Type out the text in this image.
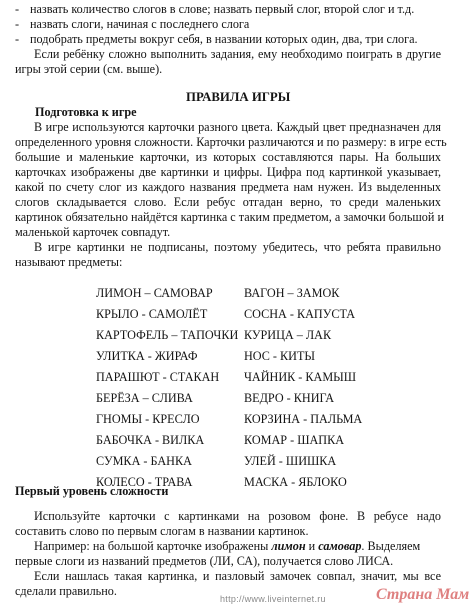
- назвать количество слогов в слове; назвать первый слог, второй слог и т.д.
- назвать слоги, начиная с последнего слога
- подобрать предметы вокруг себя, в названии которых один, два, три слога.
Если ребёнку сложно выполнить задания, ему необходимо поиграть в другие
игры этой серии (см. выше).
ПРАВИЛА ИГРЫ
Подготовка к игре
В игре используются карточки разного цвета. Каждый цвет предназначен для
определенного уровня сложности. Карточки различаются и по размеру: в игре есть
большие и маленькие карточки, из которых составляются пары. На больших
карточках изображены две картинки и цифры. Цифра под картинкой указывает,
какой по счету слог из каждого названия предмета нам нужен. Из выделенных
слогов складывается слово. Если ребус отгадан верно, то среди маленьких
картинок обязательно найдётся картинка с таким предметом, а замочки большой и
маленькой карточек совпадут.
В игре картинки не подписаны, поэтому убедитесь, что ребята правильно
называют предметы:
ЛИМОН – САМОВАР
КРЫЛО - САМОЛЁТ
КАРТОФЕЛЬ – ТАПОЧКИ
УЛИТКА - ЖИРАФ
ПАРАШЮТ - СТАКАН
БЕРЁЗА – СЛИВА
ГНОМЫ - КРЕСЛО
БАБОЧКА - ВИЛКА
СУМКА - БАНКА
КОЛЕСО - ТРАВА
ВАГОН – ЗАМОК
СОСНА - КАПУСТА
КУРИЦА – ЛАК
НОС - КИТЫ
ЧАЙНИК - КАМЫШ
ВЕДРО - КНИГА
КОРЗИНА - ПАЛЬМА
КОМАР - ШАПКА
УЛЕЙ - ШИШКА
МАСКА - ЯБЛОКО
Первый уровень сложности
Используйте карточки с картинками на розовом фоне. В ребусе надо
составить слово по первым слогам в названии картинок.
Например: на большой карточке изображены лимон и самовар. Выделяем
первые слоги из названий предметов (ЛИ, СА), получается слово ЛИСА.
Если нашлась такая картинка, и пазловый замочек совпал, значит, мы все
сделали правильно.
http://www.liveinternet.ru	Страна Мам
